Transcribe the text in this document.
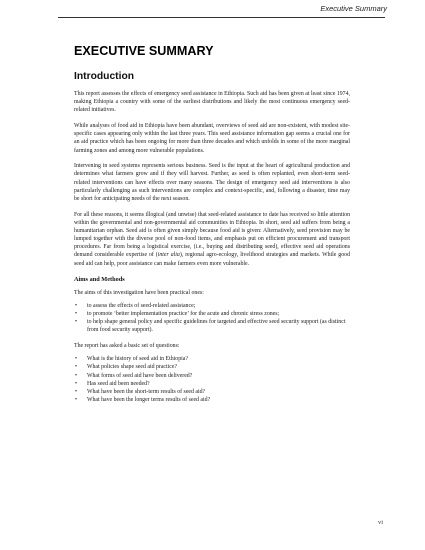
Executive Summary
EXECUTIVE SUMMARY
Introduction

This report assesses the effects of emergency seed assistance in Ethiopia. Such aid has been given at least since 1974, making Ethiopia a country with some of the earliest distributions and likely the most continuous emergency seed-related initiatives.

While analyses of food aid in Ethiopia have been abundant, overviews of seed aid are non-existent, with modest site-specific cases appearing only within the last three years. This seed assistance information gap seems a crucial one for an aid practice which has been ongoing for more than three decades and which unfolds in some of the more marginal farming zones and among more vulnerable populations.

Intervening in seed systems represents serious business. Seed is the input at the heart of agricultural production and determines what farmers grow and if they will harvest. Further, as seed is often replanted, even short-term seed-related interventions can have effects over many seasons. The design of emergency seed aid interventions is also particularly challenging as such interventions are complex and context-specific, and, following a disaster, time may be short for anticipating needs of the next season.

For all these reasons, it seems illogical (and unwise) that seed-related assistance to date has received so little attention within the governmental and non-governmental aid communities in Ethiopia. In short, seed aid suffers from being a humanitarian orphan. Seed aid is often given simply because food aid is given: Alternatively, seed provision may be lumped together with the diverse pool of non-food items, and emphasis put on efficient procurement and transport procedures. Far from being a logistical exercise, (i.e., buying and distributing seed), effective seed aid operations demand considerable expertise of (inter alia), regional agro-ecology, livelihood strategies and markets. While good seed aid can help, poor assistance can make farmers even more vulnerable.

Aims and Methods

The aims of this investigation have been practical ones:

• to assess the effects of seed-related assistance;
• to promote ‘better implementation practice’ for the acute and chronic stress zones;
• to help shape general policy and specific guidelines for targeted and effective seed security support (as distinct from food security support).

The report has asked a basic set of questions:

• What is the history of seed aid in Ethiopia?
• What policies shape seed aid practice?
• What forms of seed aid have been delivered?
• Has seed aid been needed?
• What have been the short-term results of seed aid?
• What have been the longer terms results of seed aid?
vi
